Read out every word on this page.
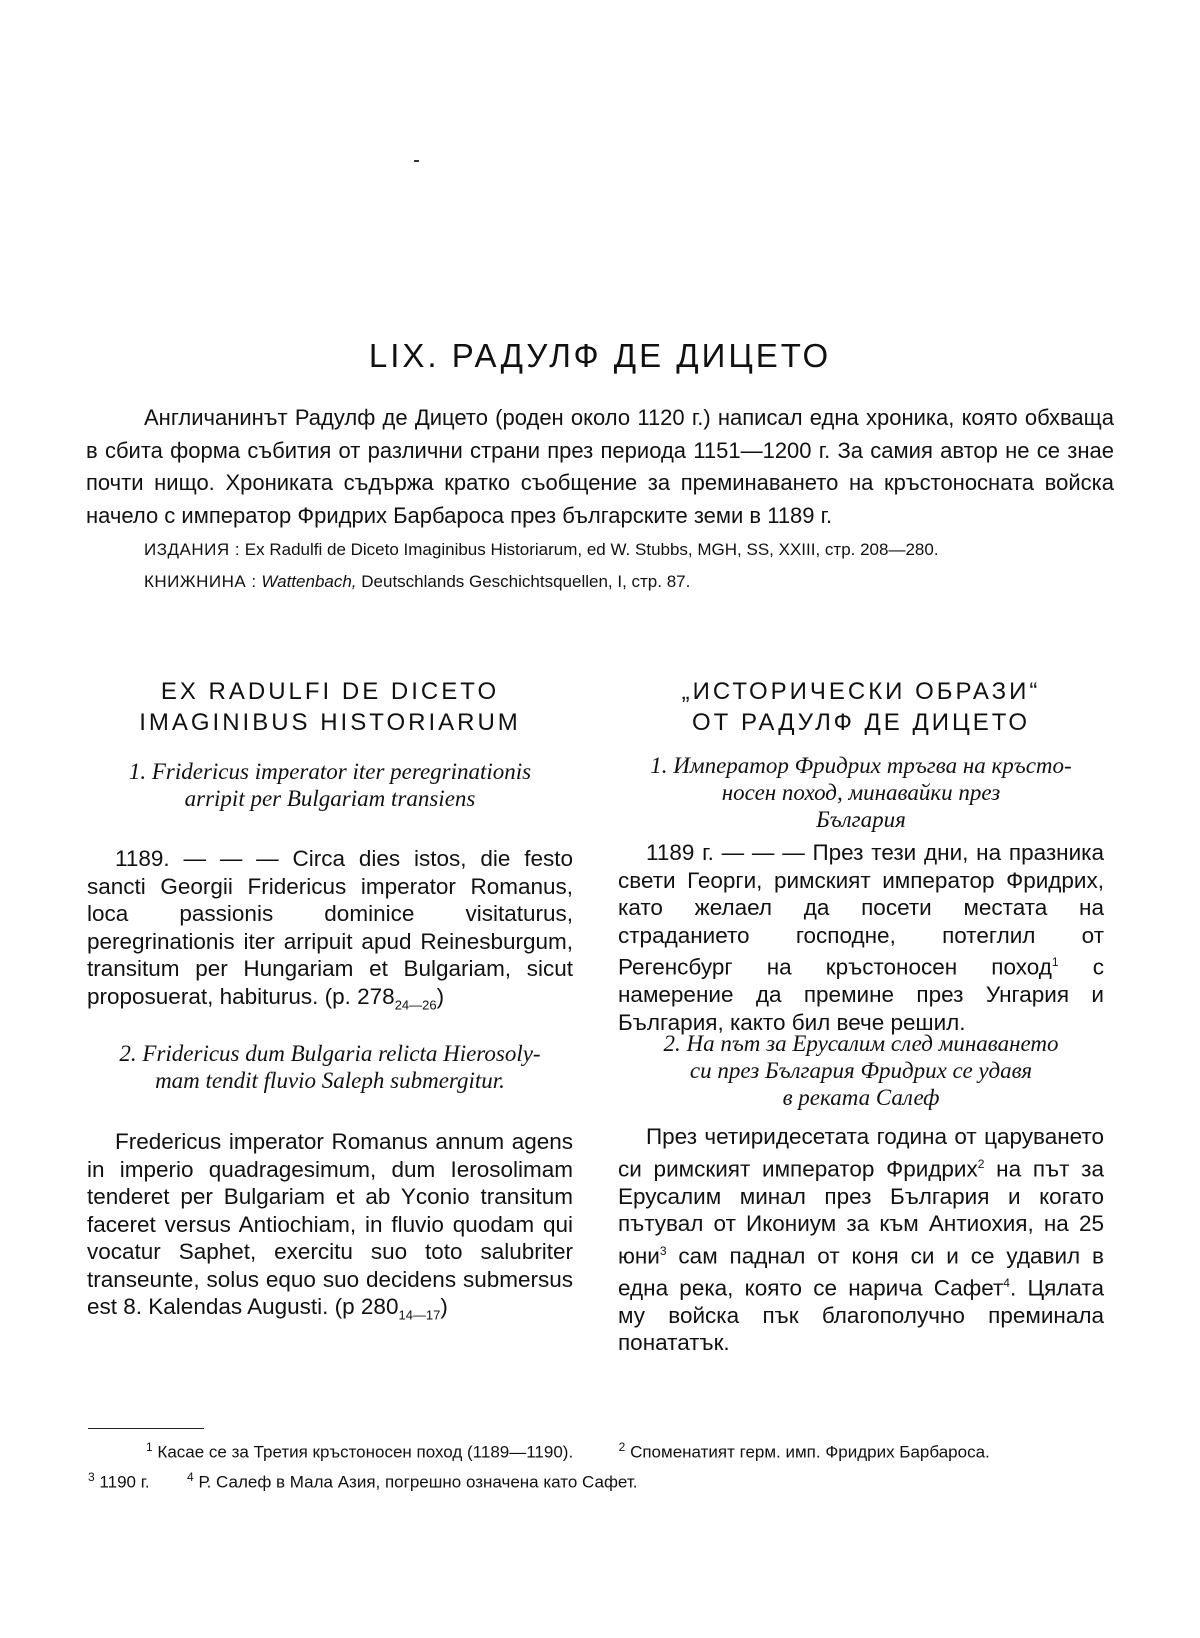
LIX. РАДУЛФ ДЕ ДИЦЕТО

Англичанинът Радулф де Дицето (роден около 1120 г.) написал една хроника, която обхваща в сбита форма събития от различни страни през периода 1151—1200 г. За самия автор не се знае почти нищо. Хрониката съдържа кратко съобщение за преминаването на кръстоносната войска начело с император Фридрих Барбароса през българските земи в 1189 г.

ИЗДАНИЯ : Ex Radulfi de Diceto Imaginibus Historiarum, ed W. Stubbs, MGH, SS, XXIII, стр. 208—280.
КНИЖНИНА : Wattenbach, Deutschlands Geschichtsquellen, I, стр. 87.
EX RADULFI DE DICETO
IMAGINIBUS HISTORIARUM
1. Fridericus imperator iter peregrinationis
arripit per Bulgariam transiens

1189. — — — Circa dies istos, die festo sancti Georgii Fridericus imperator Romanus, loca passionis dominice visitaturus, peregrinationis iter arripuit apud Reinesburgum, transitum per Hungariam et Bulgariam, sicut proposuerat, habiturus. (p. $278_{24—26}$)

2. Fridericus dum Bulgaria relicta Hierosoly-
mam tendit fluvio Saleph submergitur.

Fredericus imperator Romanus annum agens in imperio quadragesimum, dum Ierosolimam tenderet per Bulgariam et ab Yconio transitum faceret versus Antiochiam, in fluvio quodam qui vocatur Saphet, exercitu suo toto salubriter transeunte, solus equo suo decidens submersus est 8. Kalendas Augusti. (p $280_{14—17}$)

„ИСТОРИЧЕСКИ ОБРАЗИ“
ОТ РАДУЛФ ДЕ ДИЦЕТО
1. Император Фридрих тръгва на кръсто-
носен поход, минавайки през
България

1189 г. — — — През тези дни, на празника свети Георги, римският император Фридрих, като желаел да посети местата на страданието господне, потеглил от Регенсбург на кръстоносен поход$^1$ с намерение да премине през Унгария и България, както бил вече решил.

2. На път за Ерусалим след минаването
си през България Фридрих се удавя
в реката Салеф

През четиридесетата година от царуването си римският император Фридрих$^2$ на път за Ерусалим минал през България и когато пътувал от Икониум за към Антиохия, на 25 юни$^3$ сам паднал от коня си и се удавил в една река, която се нарича Сафет$^4$. Цялата му войска пък благополучно преминала понататък.

$^1$ Касае се за Третия кръстоносен поход (1189—1190).	$^2$ Споменатият герм. имп. Фридрих Барбароса.
$^3$ 1190 г.	$^4$ Р. Салеф в Мала Азия, погрешно означена като Сафет.
